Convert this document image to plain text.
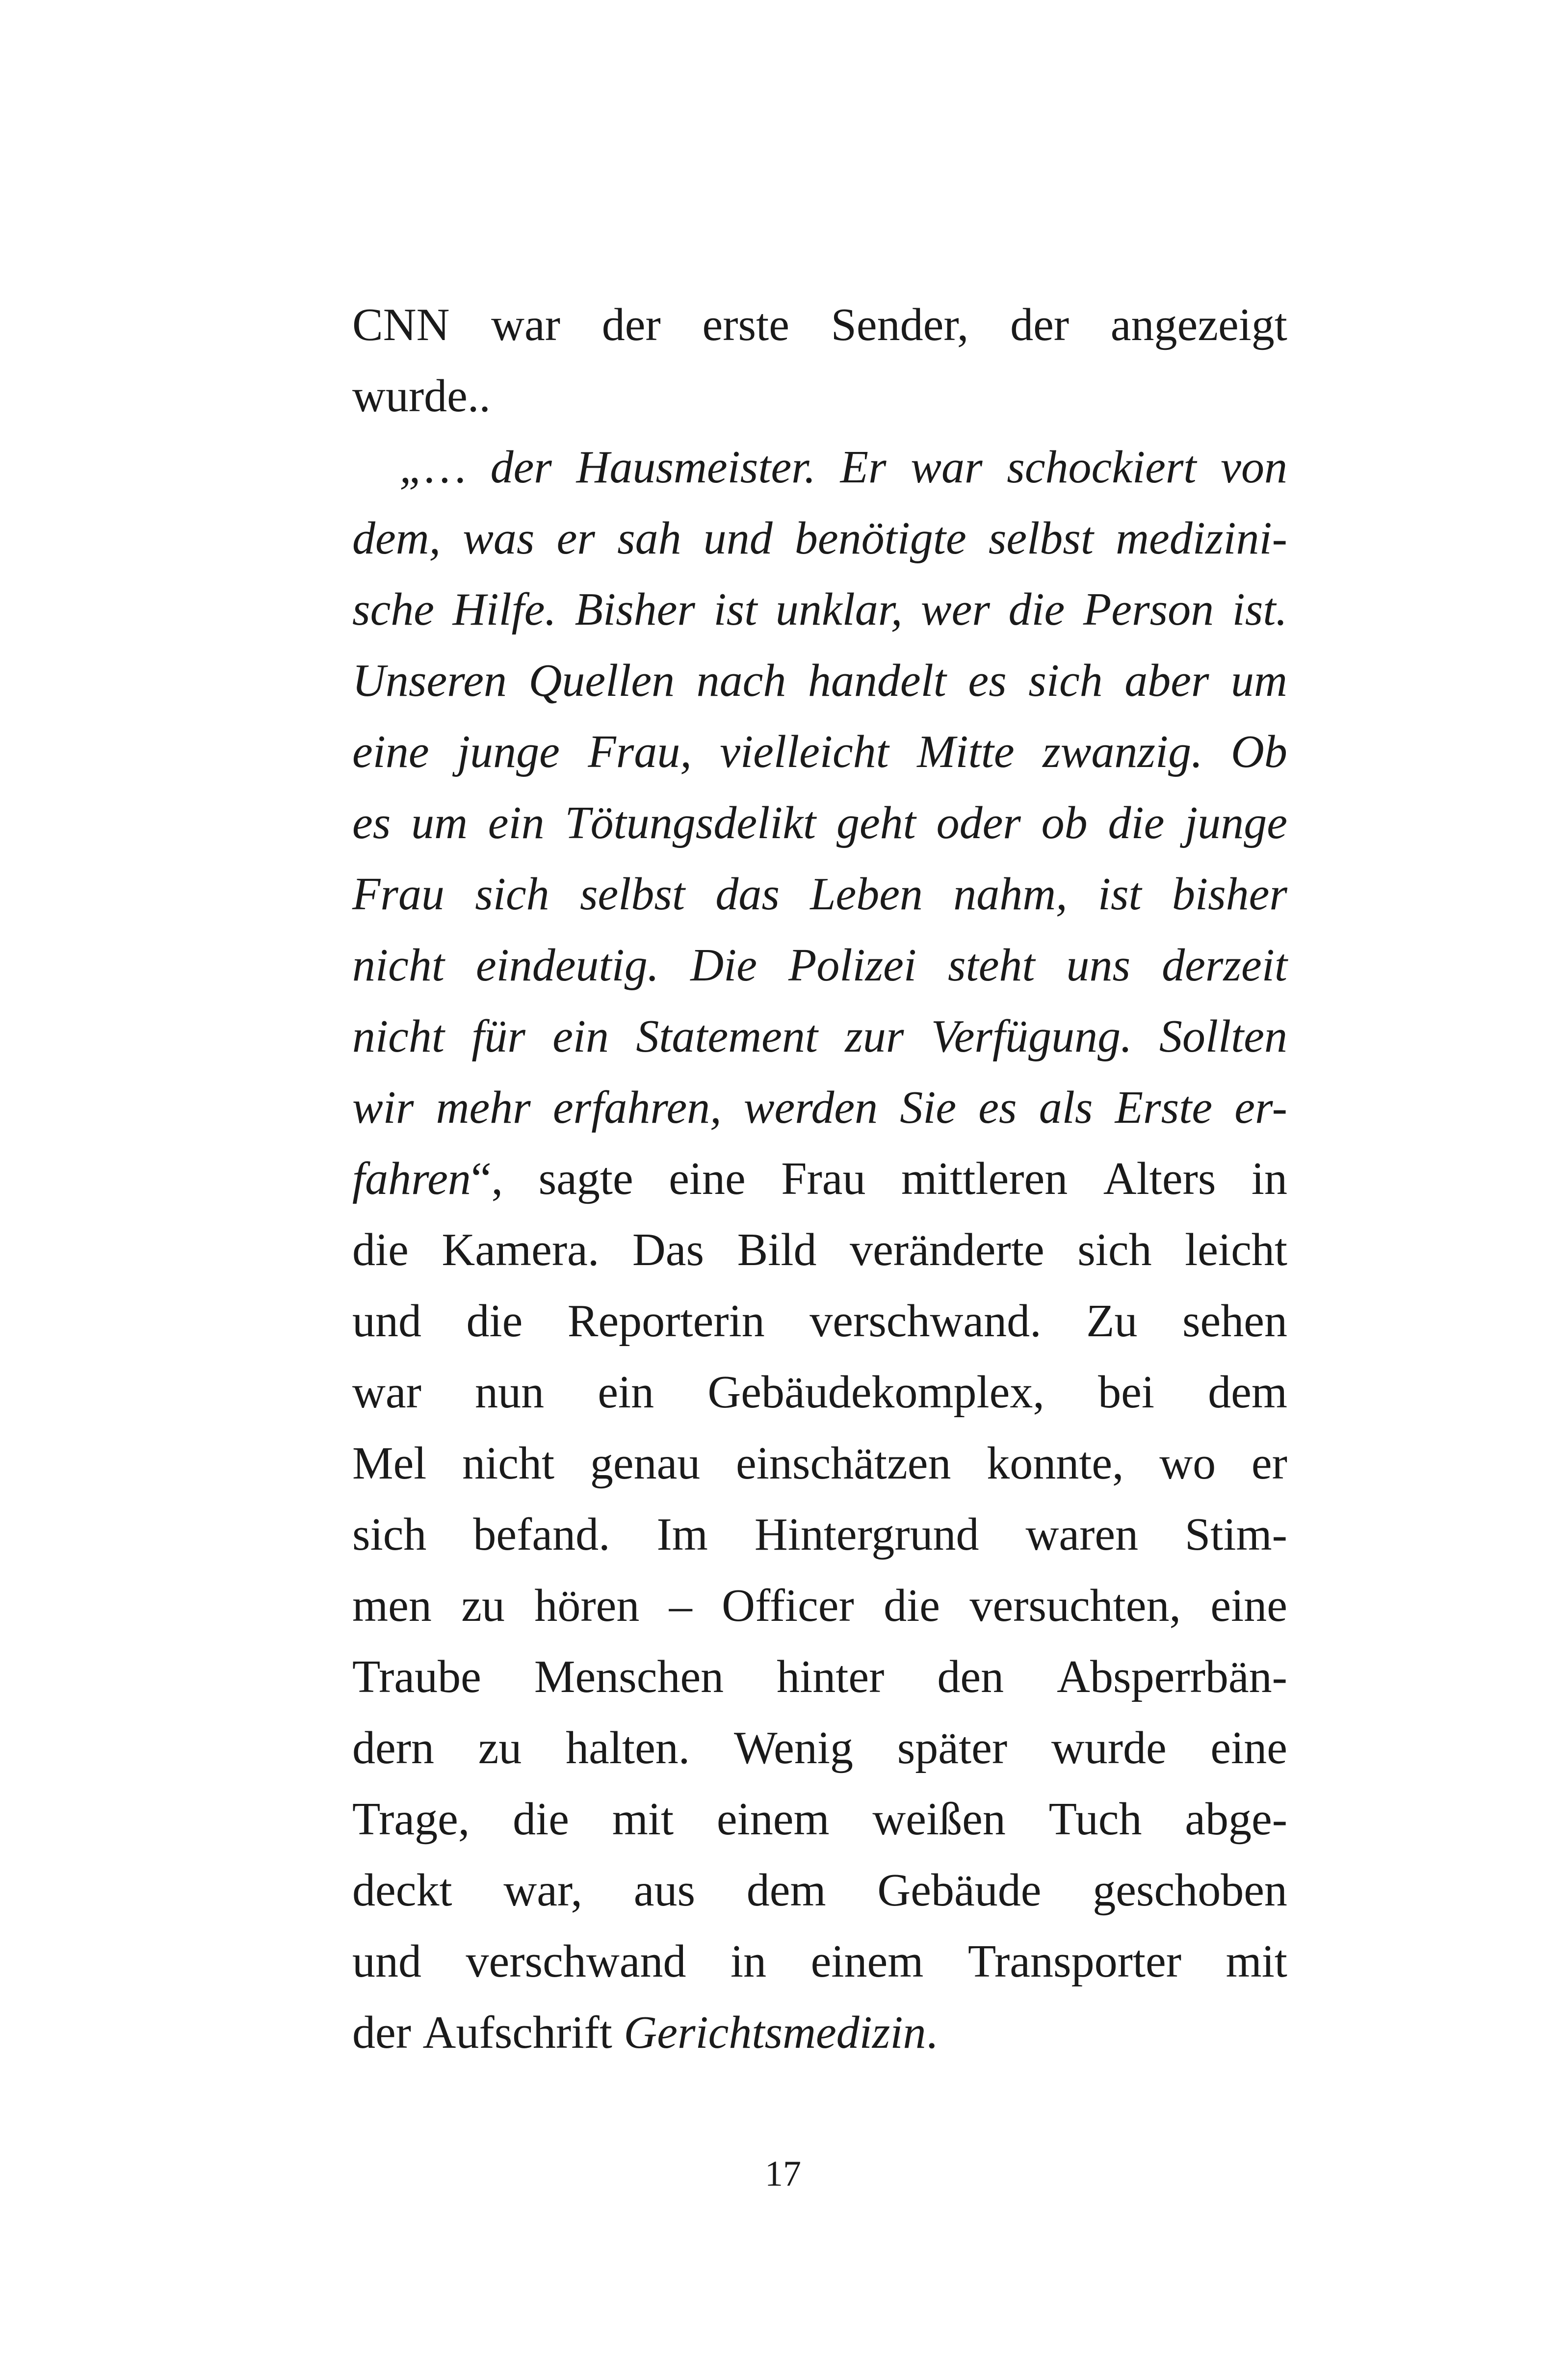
CNN war der erste Sender, der angezeigt
wurde..
„… der Hausmeister. Er war schockiert von
dem, was er sah und benötigte selbst medizini-
sche Hilfe. Bisher ist unklar, wer die Person ist.
Unseren Quellen nach handelt es sich aber um
eine junge Frau, vielleicht Mitte zwanzig. Ob
es um ein Tötungsdelikt geht oder ob die junge
Frau sich selbst das Leben nahm, ist bisher
nicht eindeutig. Die Polizei steht uns derzeit
nicht für ein Statement zur Verfügung. Sollten
wir mehr erfahren, werden Sie es als Erste er-
fahren“, sagte eine Frau mittleren Alters in
die Kamera. Das Bild veränderte sich leicht
und die Reporterin verschwand. Zu sehen
war nun ein Gebäudekomplex, bei dem
Mel nicht genau einschätzen konnte, wo er
sich befand. Im Hintergrund waren Stim-
men zu hören – Officer die versuchten, eine
Traube Menschen hinter den Absperrbän-
dern zu halten. Wenig später wurde eine
Trage, die mit einem weißen Tuch abge-
deckt war, aus dem Gebäude geschoben
und verschwand in einem Transporter mit
der Aufschrift Gerichtsmedizin.
17
